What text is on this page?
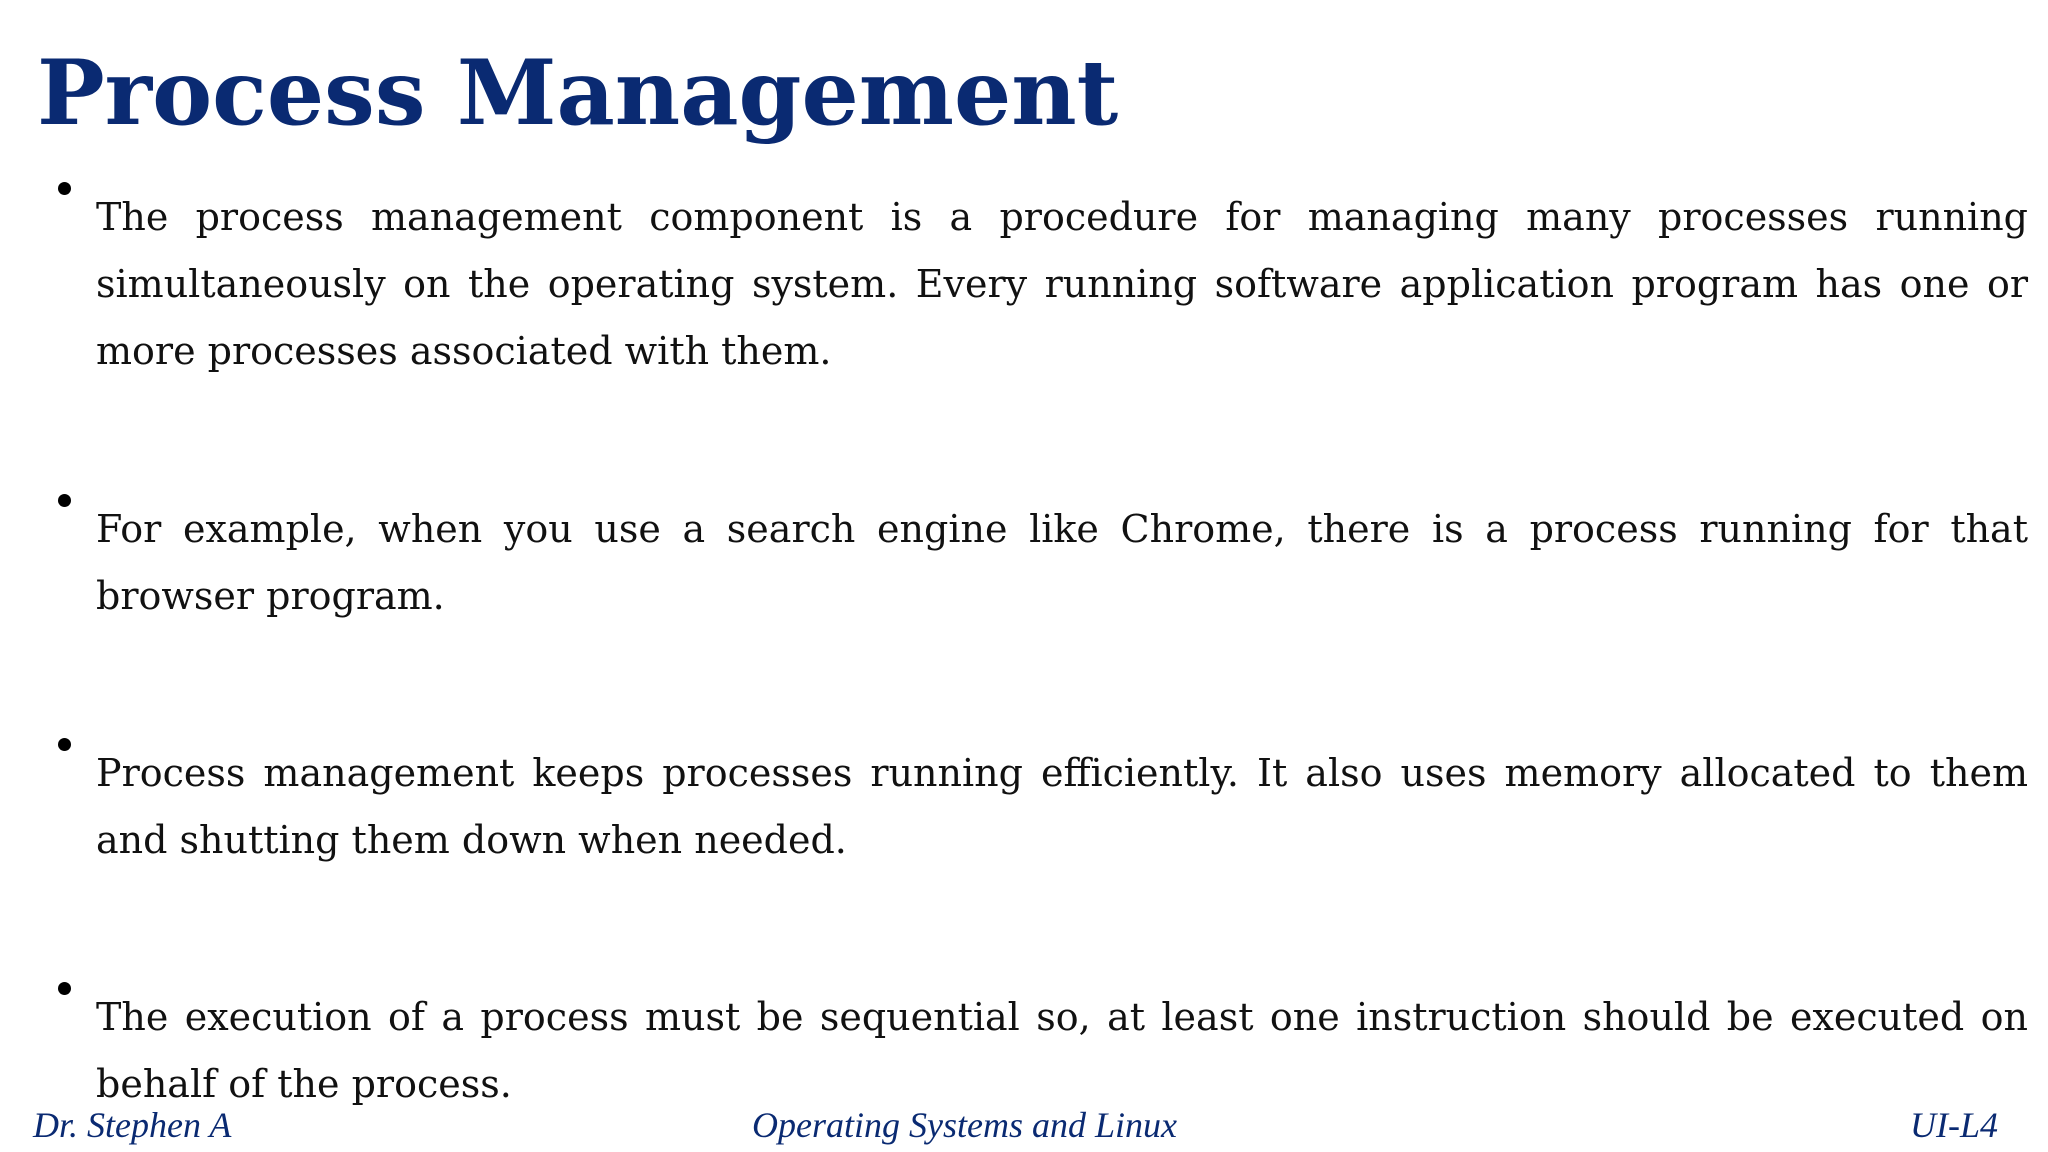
Process Management

The process management component is a procedure for managing many processes running simultaneously on the operating system. Every running software application program has one or more processes associated with them.

For example, when you use a search engine like Chrome, there is a process running for that browser program.

Process management keeps processes running efficiently. It also uses memory allocated to them and shutting them down when needed.

The execution of a process must be sequential so, at least one instruction should be executed on behalf of the process.

Dr. Stephen A	Operating Systems and Linux	UI-L4
